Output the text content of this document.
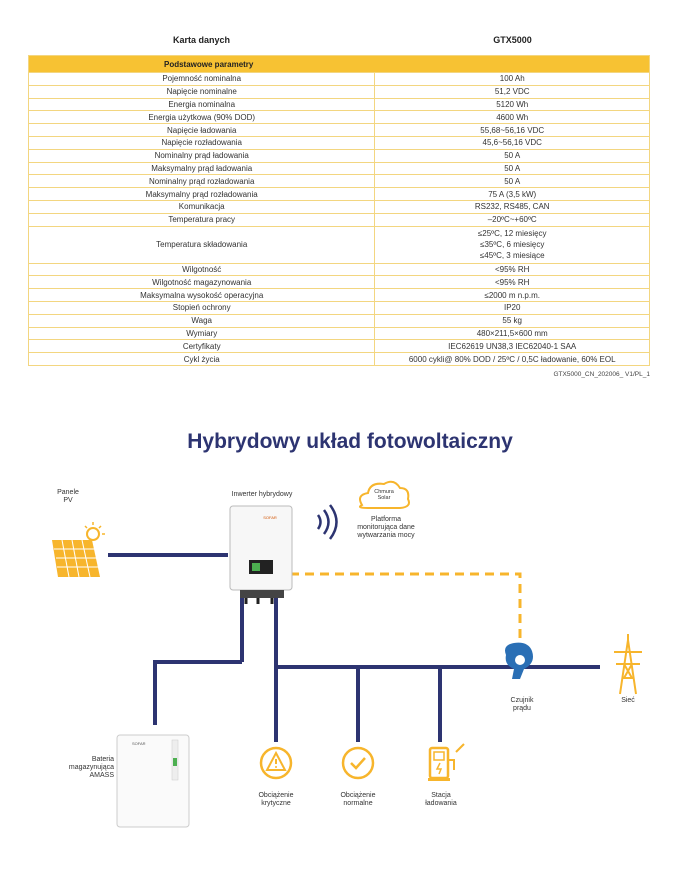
Karta danych	GTX5000
Podstawowe parametry	
Pojemność nominalna	100 Ah
Napięcie nominalne	51,2 VDC
Energia nominalna	5120 Wh
Energia użytkowa (90% DOD)	4600 Wh
Napięcie ładowania	55,68~56,16 VDC
Napięcie rozładowania	45,6~56,16 VDC
Nominalny prąd ładowania	50 A
Maksymalny prąd ładowania	50 A
Nominalny prąd rozładowania	50 A
Maksymalny prąd rozładowania	75 A (3,5 kW)
Komunikacja	RS232, RS485, CAN
Temperatura pracy	–20ºC~+60ºC
Temperatura składowania	≤25ºC, 12 miesięcy
≤35ºC, 6 miesięcy
≤45ºC, 3 miesiące

Wilgotność	<95% RH
Wilgotność magazynowania	<95% RH
Maksymalna wysokość operacyjna	≤2000 m n.p.m.
Stopień ochrony	IP20
Waga	55 kg
Wymiary	480×211,5×600 mm
Certyfikaty	IEC62619 UN38,3 IEC62040-1 SAA
Cykl życia	6000 cykli@ 80% DOD / 25ºC / 0,5C ładowanie, 60% EOL
GTX5000_CN_202006_ V1/PL_1
Hybrydowy układ fotowoltaiczny
SOFAR
SOFAR
Panele
PV
Inwerter hybrydowy	Chmura
Solar
Platforma
monitorująca dane
wytwarzania mocy
Bateria
magazynująca
AMASS
Obciążenie
krytyczne
Obciążenie
normalne
Stacja
ładowania
Czujnik
prądu
Sieć
